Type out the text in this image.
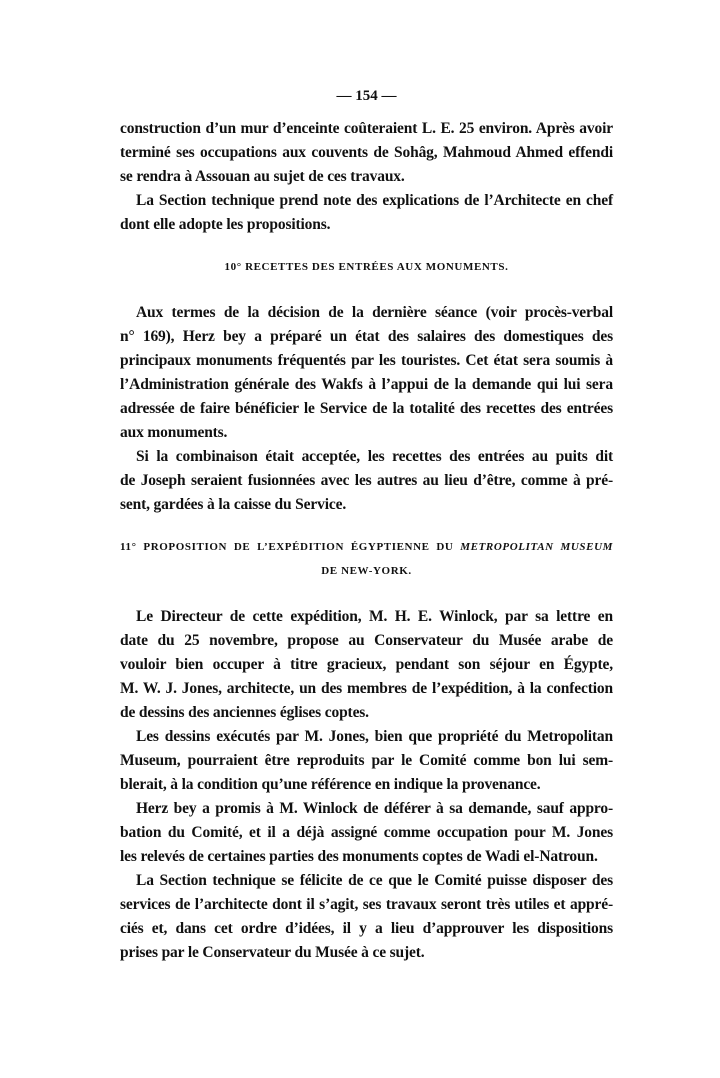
— 154 —
construction d’un mur d’enceinte coûteraient L. E. 25 environ. Après avoir
terminé ses occupations aux couvents de Sohâg, Mahmoud Ahmed effendi
se rendra à Assouan au sujet de ces travaux.
La Section technique prend note des explications de l’Architecte en chef
dont elle adopte les propositions.
10° RECETTES DES ENTRÉES AUX MONUMENTS.
Aux termes de la décision de la dernière séance (voir procès-verbal
n° 169), Herz bey a préparé un état des salaires des domestiques des
principaux monuments fréquentés par les touristes. Cet état sera soumis à
l’Administration générale des Wakfs à l’appui de la demande qui lui sera
adressée de faire bénéficier le Service de la totalité des recettes des entrées
aux monuments.
Si la combinaison était acceptée, les recettes des entrées au puits dit
de Joseph seraient fusionnées avec les autres au lieu d’être, comme à pré-
sent, gardées à la caisse du Service.
11° PROPOSITION DE L’EXPÉDITION ÉGYPTIENNE DU METROPOLITAN MUSEUM
DE NEW-YORK.
Le Directeur de cette expédition, M. H. E. Winlock, par sa lettre en
date du 25 novembre, propose au Conservateur du Musée arabe de
vouloir bien occuper à titre gracieux, pendant son séjour en Égypte,
M. W. J. Jones, architecte, un des membres de l’expédition, à la confection
de dessins des anciennes églises coptes.
Les dessins exécutés par M. Jones, bien que propriété du Metropolitan
Museum, pourraient être reproduits par le Comité comme bon lui sem-
blerait, à la condition qu’une référence en indique la provenance.
Herz bey a promis à M. Winlock de déférer à sa demande, sauf appro-
bation du Comité, et il a déjà assigné comme occupation pour M. Jones
les relevés de certaines parties des monuments coptes de Wadi el-Natroun.
La Section technique se félicite de ce que le Comité puisse disposer des
services de l’architecte dont il s’agit, ses travaux seront très utiles et appré-
ciés et, dans cet ordre d’idées, il y a lieu d’approuver les dispositions
prises par le Conservateur du Musée à ce sujet.
